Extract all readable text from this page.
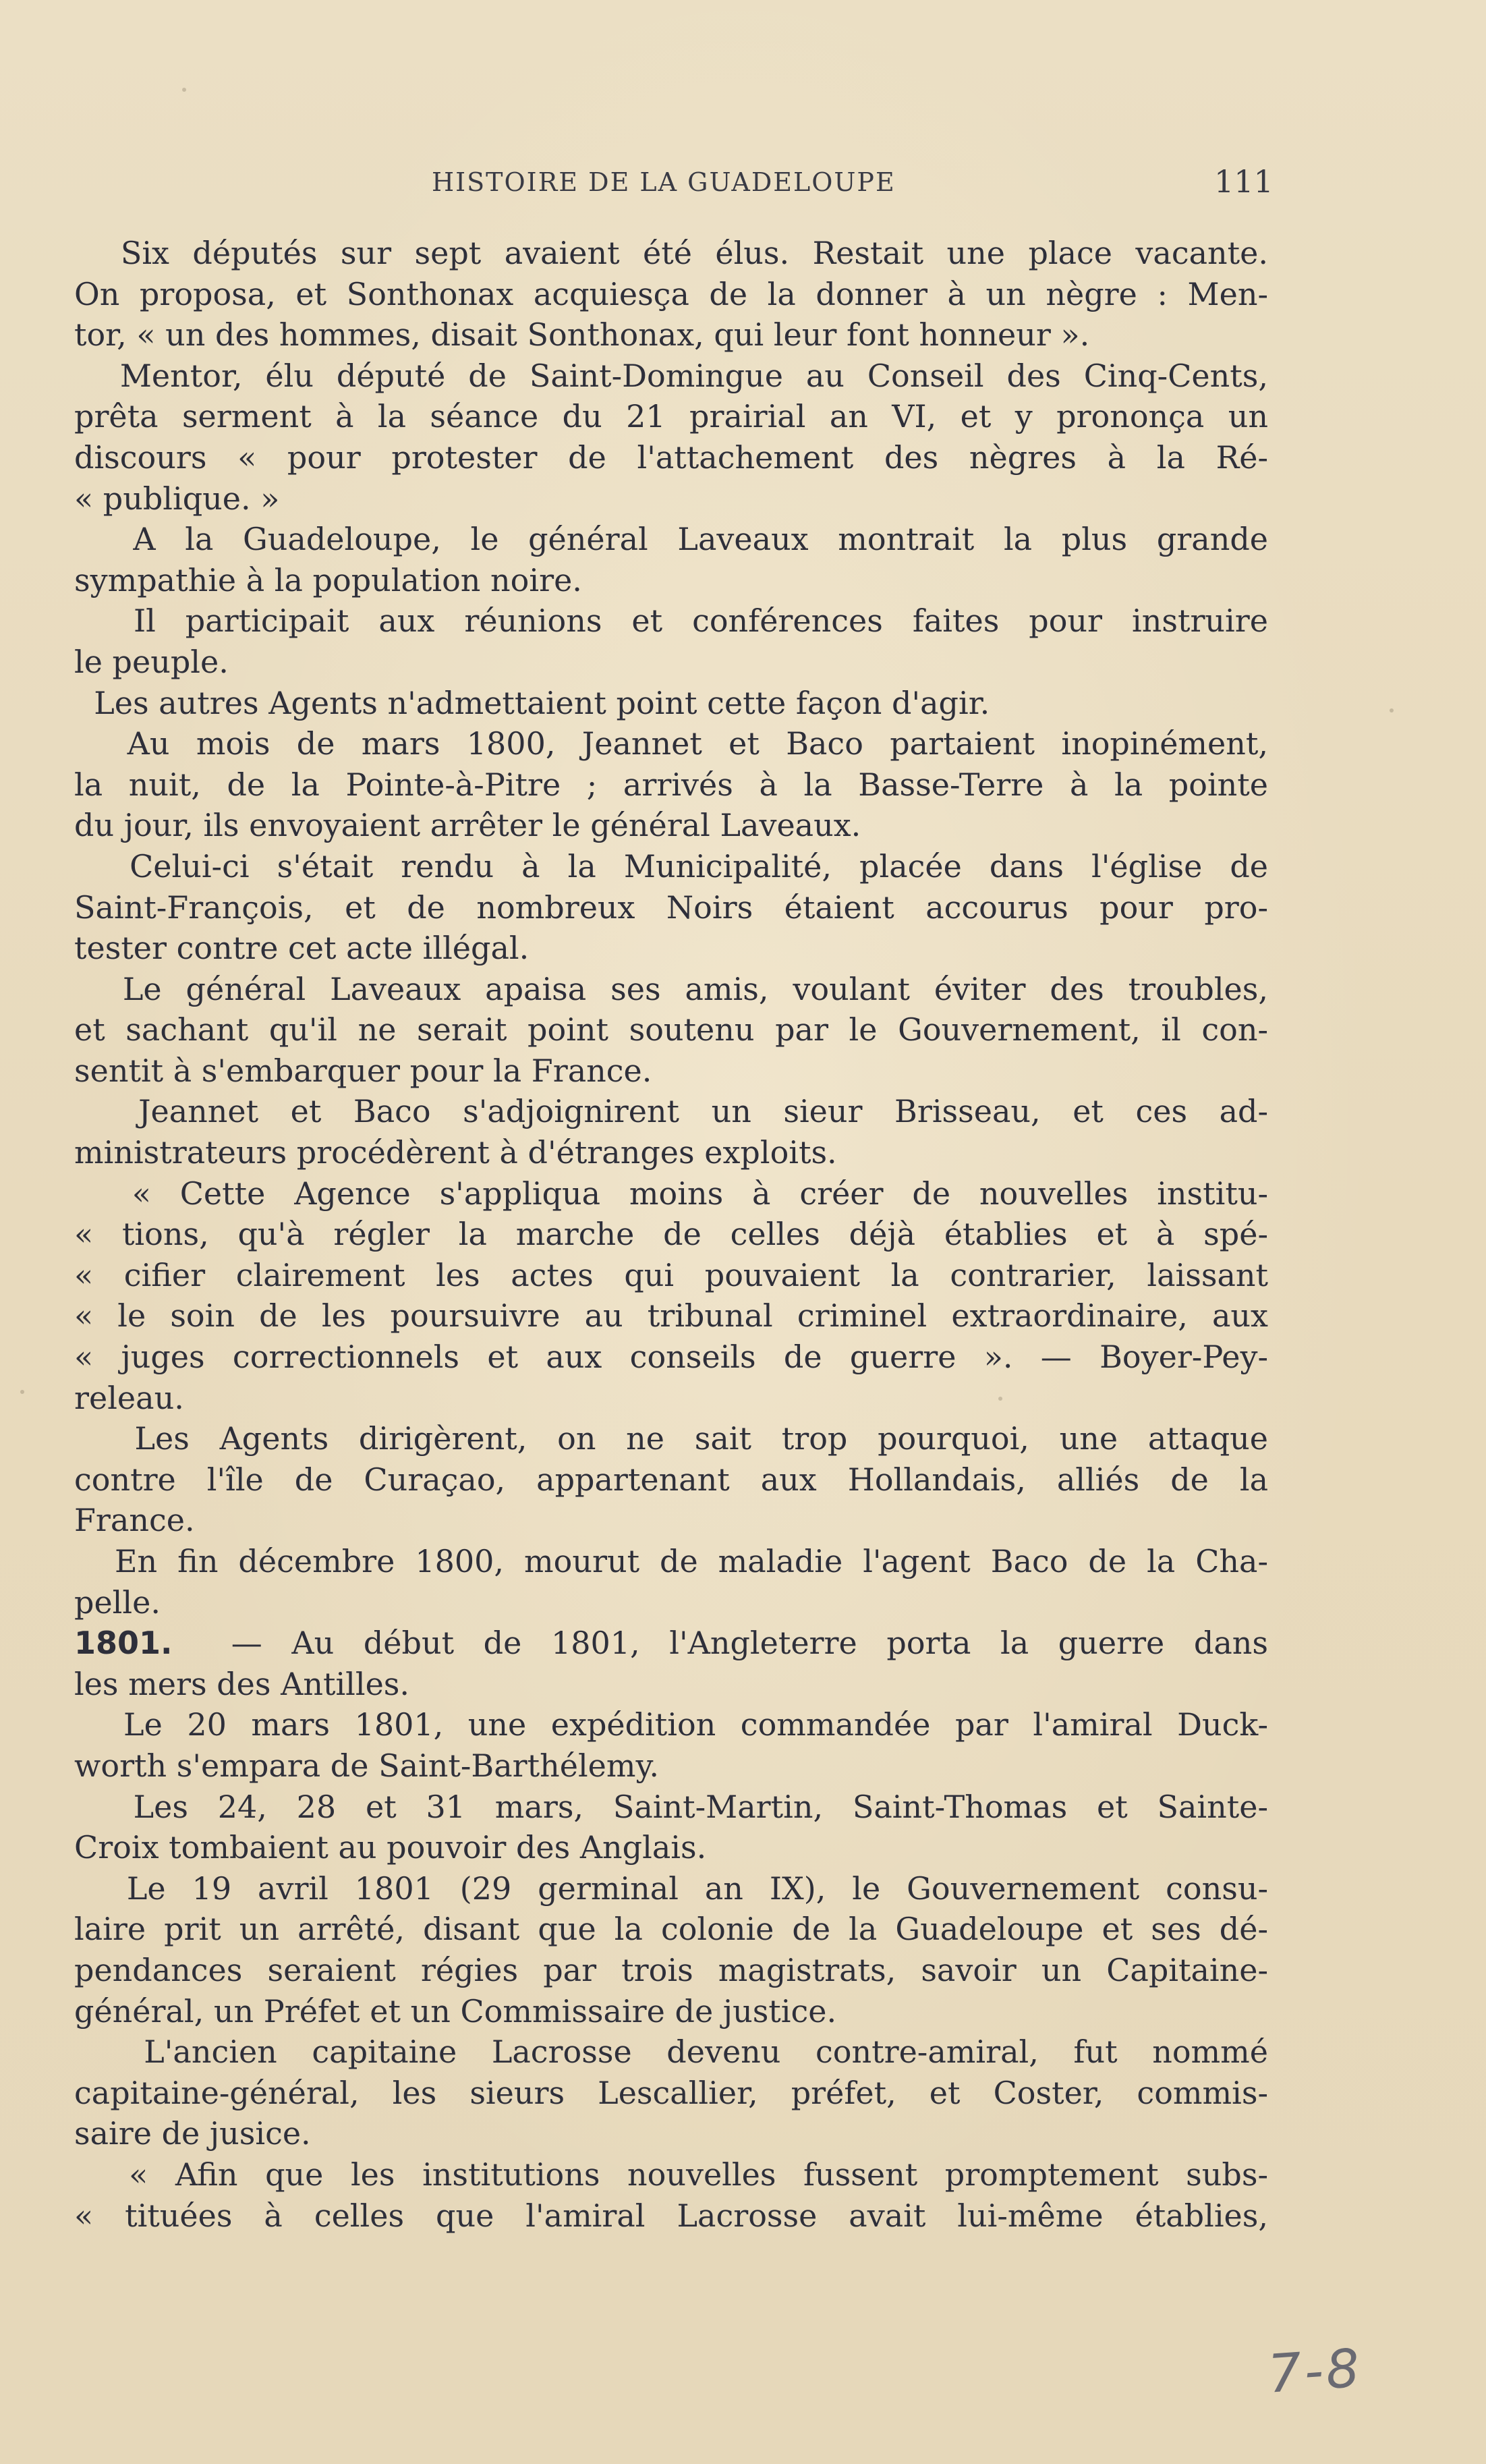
HISTOIRE DE LA GUADELOUPE	111
Six députés sur sept avaient été élus. Restait une place vacante.
On proposa, et Sonthonax acquiesça de la donner à un nègre : Men-
tor, « un des hommes, disait Sonthonax, qui leur font honneur ».
Mentor, élu député de Saint-Domingue au Conseil des Cinq-Cents,
prêta serment à la séance du 21 prairial an VI, et y prononça un
discours « pour protester de l'attachement des nègres à la Ré-
« publique. »
A la Guadeloupe, le général Laveaux montrait la plus grande
sympathie à la population noire.
Il participait aux réunions et conférences faites pour instruire
le peuple.
Les autres Agents n'admettaient point cette façon d'agir.
Au mois de mars 1800, Jeannet et Baco partaient inopinément,
la nuit, de la Pointe-à-Pitre ; arrivés à la Basse-Terre à la pointe
du jour, ils envoyaient arrêter le général Laveaux.
Celui-ci s'était rendu à la Municipalité, placée dans l'église de
Saint-François, et de nombreux Noirs étaient accourus pour pro-
tester contre cet acte illégal.
Le général Laveaux apaisa ses amis, voulant éviter des troubles,
et sachant qu'il ne serait point soutenu par le Gouvernement, il con-
sentit à s'embarquer pour la France.
Jeannet et Baco s'adjoignirent un sieur Brisseau, et ces ad-
ministrateurs procédèrent à d'étranges exploits.
« Cette Agence s'appliqua moins à créer de nouvelles institu-
« tions, qu'à régler la marche de celles déjà établies et à spé-
« cifier clairement les actes qui pouvaient la contrarier, laissant
« le soin de les poursuivre au tribunal criminel extraordinaire, aux
« juges correctionnels et aux conseils de guerre ». — Boyer-Pey-
releau.
Les Agents dirigèrent, on ne sait trop pourquoi, une attaque
contre l'île de Curaçao, appartenant aux Hollandais, alliés de la
France.
En fin décembre 1800, mourut de maladie l'agent Baco de la Cha-
pelle.
1801.  — Au début de 1801, l'Angleterre porta la guerre dans
les mers des Antilles.
Le 20 mars 1801, une expédition commandée par l'amiral Duck-
worth s'empara de Saint-Barthélemy.
Les 24, 28 et 31 mars, Saint-Martin, Saint-Thomas et Sainte-
Croix tombaient au pouvoir des Anglais.
Le 19 avril 1801 (29 germinal an IX), le Gouvernement consu-
laire prit un arrêté, disant que la colonie de la Guadeloupe et ses dé-
pendances seraient régies par trois magistrats, savoir un Capitaine-
général, un Préfet et un Commissaire de justice.
L'ancien capitaine Lacrosse devenu contre-amiral, fut nommé
capitaine-général, les sieurs Lescallier, préfet, et Coster, commis-
saire de jusice.
« Afin que les institutions nouvelles fussent promptement subs-
« tituées à celles que l'amiral Lacrosse avait lui-même établies,
7-8
